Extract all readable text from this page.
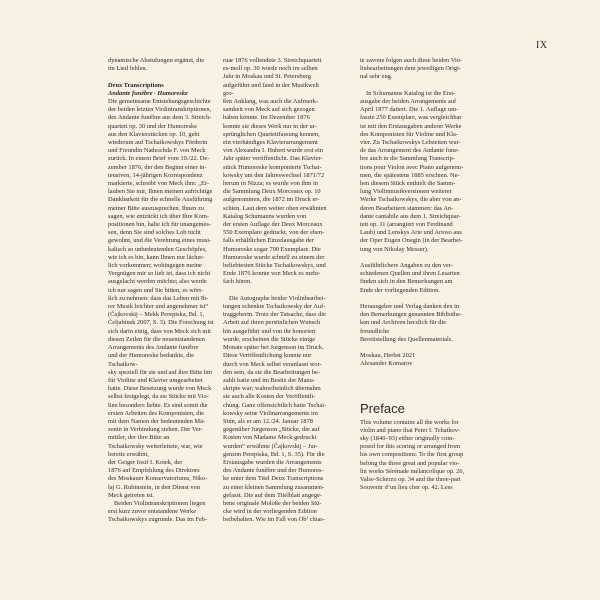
IX

dynamische Abstufungen ergänzt, die

im Lied fehlen.

Deux Transcriptions

Andante funèbre · Humoreske

Die gemeinsame Entstehungsgeschichte

der beiden letzten Violintranskriptionen,

des Andante funèbre aus dem 3. Streich-

quartett op. 30 und der Humoreske

aus den Klavierstücken op. 10, geht

wiederum auf Tschaikowskys Förderin

und Freundin Nadeschda F. von Meck

zurück. In einem Brief vom 10./22. De-

zember 1876, der den Beginn einer in-

tensiven, 14-jährigen Korrespondenz

markierte, schreibt von Meck ihm: „Er-

lauben Sie mir, Ihnen meinen aufrichtige

Dankbarkeit für die schnelle Ausführung

meiner Bitte auszusprechen. Ihnen zu

sagen, wie entzückt ich über Ihre Kom-

positionen bin, halte ich für unangemes-

sen, denn Sie sind solches Lob nicht

gewohnt, und die Verehrung eines musi-

kalisch so unbedeutenden Geschöpfes,

wie ich es bin, kann Ihnen nur lächer-

lich vorkommen; wohingegen meine

Vergnügen mir so lieb ist, dass ich nicht

ausgelacht werden möchte; also werde

ich nur sagen und Sie bitten, es wört-

lich zu nehmen: dass das Leben mit Ih-

rer Musik leichter und angenehmer ist“

(Čajkovskij – Mekk Perepiska, Bd. 1,

Čeljabinsk 2007, S. 3). Die Forschung ist

sich darin einig, dass von Meck sich mit

diesen Zeilen für die neuentstandenen

Arrangements des Andante funèbre

und der Humoreske bedankte, die Tschaikow-

sky speziell für sie und auf ihre Bitte hin

für Violine und Klavier umgearbeitet

hatte. Diese Besetzung wurde von Meck

selbst festgelegt, da sie Stücke mit Vio-

line besonders liebte. Es sind somit die

ersten Arbeiten des Komponisten, die

mit dem Namen der bedeutenden Mä-

zenin in Verbindung stehen. Der Ver-

mittler, der ihre Bitte an

Tschaikowsky weiterleitete, war, wie bereits erwähnt,

der Geiger Iosif I. Kotek, der

1876 auf Empfehlung des Direktors

des Moskauer Konservatoriums, Niko-

laj G. Rubinstein, in den Dienst von

Meck getreten ist.

Beiden Violintranskriptionen liegen

erst kurz zuvor entstandene Werke

Tschaikowskys zugrunde. Das im Feb-

ruar 1876 vollendete 3. Streichquartett

es-moll op. 30 wurde noch im selben

Jahr in Moskau und St. Petersburg

aufgeführt und fand in der Musikwelt gro-

ßen Anklang, was auch die Aufmerk-

samkeit von Meck auf sich gezogen

haben könnte. Im Dezember 1876

konnte sie dieses Werk nur in der ur-

sprünglichen Quartettfassung kennen,

ein vierhändiges Klavierarrangement

von Alexandra I. Hubert wurde erst ein

Jahr später veröffentlicht. Das Klavier-

stück Humoreske komponierte Tschai-

kowsky um den Jahreswechsel 1871/72

herum in Nizza; es wurde von ihm in

die Sammlung Deux Morceaux op. 10

aufgenommen, die 1872 im Druck er-

schien. Laut dem weiter oben erwähnten

Katalog Schumanns wurden von

der ersten Auflage der Deux Morceaux

550 Exemplare gedruckt, von der eben-

falls erhältlichen Einzelausgabe der

Humoreske sogar 700 Exemplare. Die

Humoreske wurde schnell zu einem der

beliebtesten Stücke Tschaikowskys, und

Ende 1876 konnte von Meck es mehr-

fach hören.

Die Autographe beider Violinbearbei-

tungen schenkte Tschaikowsky der Auf-

traggeberin. Trotz der Tatsache, dass die

Arbeit auf ihren persönlichen Wunsch

hin ausgeführt und von ihr honoriert

wurde, erscheinen die Stücke einige

Monate später bei Jurgenson im Druck.

Diese Veröffentlichung konnte nur

durch von Meck selbst veranlasst wor-

den sein, da sie die Bearbeitungen be-

zahlt hatte und im Besitz der Manu-

skripte war; wahrscheinlich übernahm

sie auch alle Kosten der Veröffentli-

chung. Ganz offensichtlich hatte Tschai-

kowsky seine Violinarrangements im

Sinn, als er am 12./24. Januar 1878

gegenüber Jurgenson „Stücke, die auf

Kosten von Madame Meck gedruckt

wurden“ erwähnte (Čajkovskij – Jur-

genson Perepiska, Bd. 1, S. 35). Für die

Erstausgabe wurden die Arrangements

des Andante funèbre und der Humores-

ke unter dem Titel Deux Transcriptions

zu einer kleinen Sammlung zusammen-

gefasst. Die auf dem Titelblatt angege-

bene originale Moloße der beiden Stü-

cke wird in der vorliegenden Edition

beibehalten. Wie im Fall von Ob’ chias-

te zavoue folgen auch diese beiden Vio-

linbearbeitungen dem jeweiligen Origi-

nal sehr eng.

In Schumanns Katalog ist die Erst-

ausgabe der beiden Arrangements auf

April 1877 datiert. Die 1. Auflage um-

fasste 250 Exemplare, was vergleichbar

ist mit den Erstausgaben anderer Werke

des Komponisten für Violine und Kla-

vier. Zu Tschaikowskys Lebzeiten wur-

de das Arrangement des Andante fune-

bre auch in die Sammlung Transcrip-

tions pour Violon avec Piano aufgenom-

men, die spätestens 1885 erschien. Ne-

ben diesem Stück enthielt die Samm-

lung Violinmusikversionen weiterer

Werke Tschaikowskys, die aber von an-

deren Bearbeitern stammen: das An-

dante cantabile aus dem 1. Streichquar-

tett op. 11 (arrangiert von Ferdinand

Laub) und Lenskys Arie und Arioso aus

der Oper Eugen Onegin (in der Bearbei-

tung von Nikolay Messer).

Ausführlichere Angaben zu den ver-

schiedenen Quellen und ihren Lesarten

finden sich in den Bemerkungen am

Ende der vorliegenden Edition.

Herausgeber und Verlag danken den in

den Bemerkungen genannten Bibliothe-

ken und Archiven herzlich für die freundliche

Bereitstellung des Quellenmaterials.

Moskau, Herbst 2021

Alexander Komarov

Preface

This volume contains all the works for

violin and piano that Peter I. Tchaikov-

sky (1840–93) either originally com-

posed for this scoring or arranged from

his own compositions. To the first group

belong the three great and popular vio-

lin works Sérénade mélancolique op. 26,

Valse-Scherzo op. 34 and the three-part

Souvenir d’un lieu cher op. 42. Less
